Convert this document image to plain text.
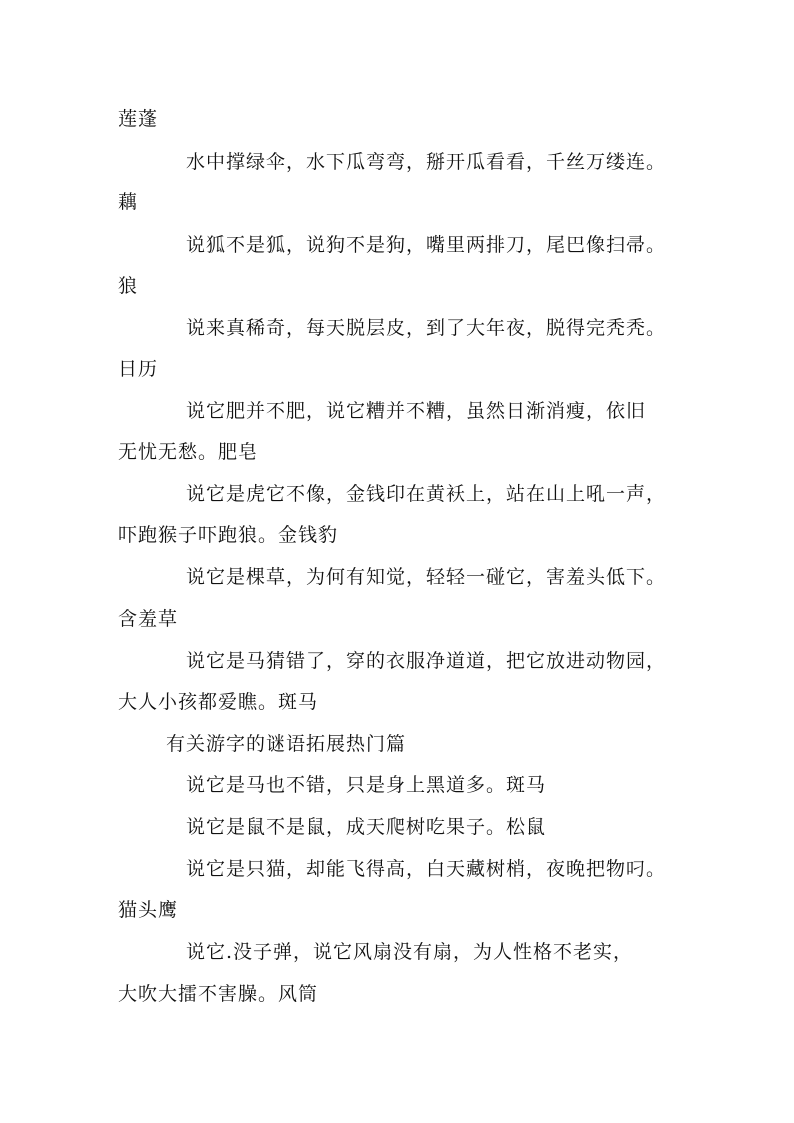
莲蓬
水中撑绿伞，水下瓜弯弯，掰开瓜看看，千丝万缕连。
藕
说狐不是狐，说狗不是狗，嘴里两排刀，尾巴像扫帚。
狼
说来真稀奇，每天脱层皮，到了大年夜，脱得完秃秃。
日历
说它肥并不肥，说它糟并不糟，虽然日渐消瘦，依旧
无忧无愁。肥皂
说它是虎它不像，金钱印在黄袄上，站在山上吼一声，
吓跑猴子吓跑狼。金钱豹
说它是棵草，为何有知觉，轻轻一碰它，害羞头低下。
含羞草
说它是马猜错了，穿的衣服净道道，把它放进动物园，
大人小孩都爱瞧。斑马
有关游字的谜语拓展热门篇
说它是马也不错，只是身上黑道多。斑马
说它是鼠不是鼠，成天爬树吃果子。松鼠
说它是只猫，却能飞得高，白天藏树梢，夜晚把物叼。
猫头鹰
说它.没子弹，说它风扇没有扇，为人性格不老实，
大吹大擂不害臊。风筒
